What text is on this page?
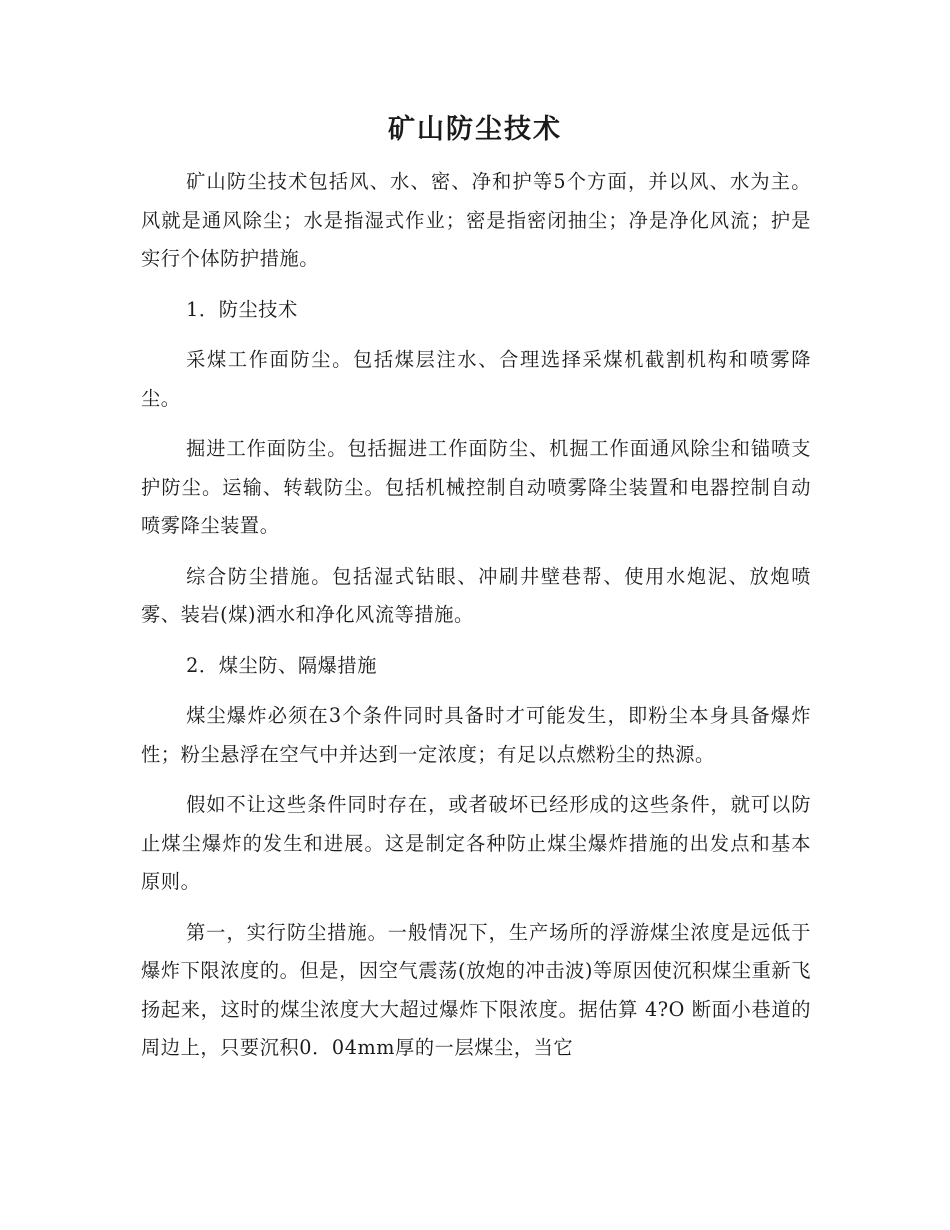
矿山防尘技术

矿山防尘技术包括风、水、密、净和护等5个方面，并以风、水为主。风就是通风除尘；水是指湿式作业；密是指密闭抽尘；净是净化风流；护是实行个体防护措施。

1．防尘技术

采煤工作面防尘。包括煤层注水、合理选择采煤机截割机构和喷雾降尘。

掘进工作面防尘。包括掘进工作面防尘、机掘工作面通风除尘和锚喷支护防尘。运输、转载防尘。包括机械控制自动喷雾降尘装置和电器控制自动喷雾降尘装置。

综合防尘措施。包括湿式钻眼、冲刷井壁巷帮、使用水炮泥、放炮喷雾、装岩(煤)洒水和净化风流等措施。

2．煤尘防、隔爆措施

煤尘爆炸必须在3个条件同时具备时才可能发生，即粉尘本身具备爆炸性；粉尘悬浮在空气中并达到一定浓度；有足以点燃粉尘的热源。

假如不让这些条件同时存在，或者破坏已经形成的这些条件，就可以防止煤尘爆炸的发生和进展。这是制定各种防止煤尘爆炸措施的出发点和基本原则。

第一，实行防尘措施。一般情况下，生产场所的浮游煤尘浓度是远低于爆炸下限浓度的。但是，因空气震荡(放炮的冲击波)等原因使沉积煤尘重新飞扬起来，这时的煤尘浓度大大超过爆炸下限浓度。据估算 4?O 断面小巷道的周边上，只要沉积0．04mm厚的一层煤尘，当它
